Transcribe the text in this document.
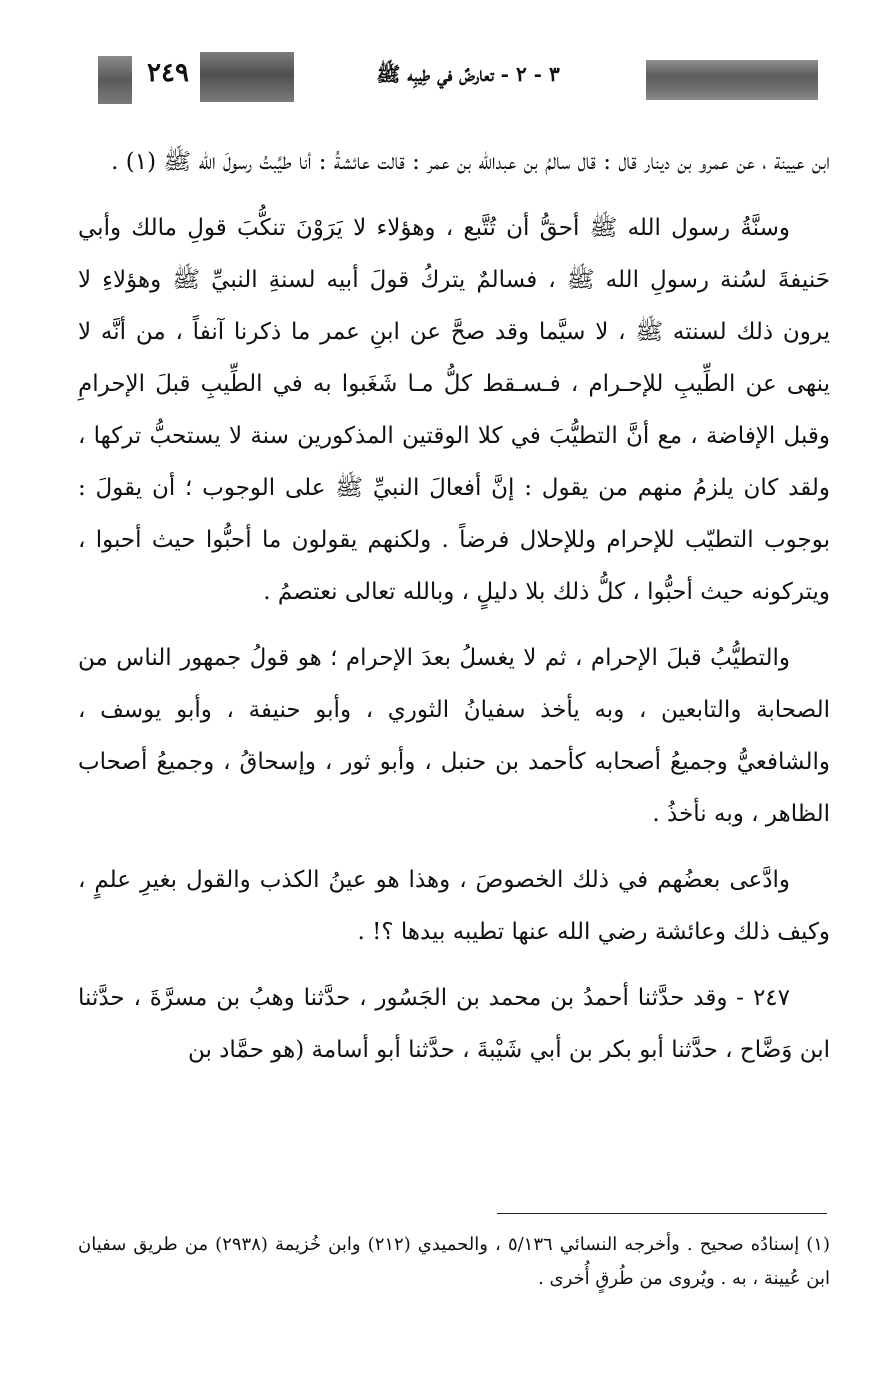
٢٤٩	٣ - ٢ - تعارضٌ في طِيبِه ﷺ

ابن عيينة ، عن عمرو بن دينار قال : قال سالمُ بن عبدالله بن عمر : قالت عائشةُ : أنا طيَّبتُ رسولَ الله ﷺ (١) .

وسنَّةُ رسول الله ﷺ أحقُّ أن تُتَّبع ، وهؤلاء لا يَرَوْنَ تنكُّبَ قولِ مالك وأبي حَنيفةَ لسُنة رسولِ الله ﷺ ، فسالمٌ يتركُ قولَ أبيه لسنةِ النبيِّ ﷺ وهؤلاءِ لا يرون ذلك لسنته ﷺ ، لا سيَّما وقد صحَّ عن ابنِ عمر ما ذكرنا آنفاً ، من أنَّه لا ينهى عن الطِّيبِ للإحـرام ، فـسـقط كلُّ مـا شَغَبوا به في الطِّيبِ قبلَ الإحرامِ وقبل الإفاضة ، مع أنَّ التطيُّبَ في كلا الوقتين المذكورين سنة لا يستحبُّ تركها ، ولقد كان يلزمُ منهم من يقول : إنَّ أفعالَ النبيِّ ﷺ على الوجوب ؛ أن يقولَ : بوجوب التطيّب للإحرام وللإحلال فرضاً . ولكنهم يقولون ما أحبُّوا حيث أحبوا ، ويتركونه حيث أحبُّوا ، كلُّ ذلك بلا دليلٍ ، وبالله تعالى نعتصمُ .

والتطيُّبُ قبلَ الإحرام ، ثم لا يغسلُ بعدَ الإحرام ؛ هو قولُ جمهور الناس من الصحابة والتابعين ، وبه يأخذ سفيانُ الثوري ، وأبو حنيفة ، وأبو يوسف ، والشافعيُّ وجميعُ أصحابه كأحمد بن حنبل ، وأبو ثور ، وإسحاقُ ، وجميعُ أصحاب الظاهر ، وبه نأخذُ .

وادَّعى بعضُهم في ذلك الخصوصَ ، وهذا هو عينُ الكذب والقول بغيرِ علمٍ ، وكيف ذلك وعائشة رضي الله عنها تطيبه بيدها ؟! .

٢٤٧ - وقد حدَّثنا أحمدُ بن محمد بن الجَسُور ، حدَّثنا وهبُ بن مسرَّةَ ، حدَّثنا ابن وَضَّاح ، حدَّثنا أبو بكر بن أبي شَيْبةَ ، حدَّثنا أبو أسامة (هو حمَّاد بن

(١) إسنادُه صحيح . وأخرجه النسائي ٥/١٣٦ ، والحميدي (٢١٢) وابن خُزيمة (٢٩٣٨) من طريق سفيان ابن عُيينة ، به . ويُروى من طُرقٍ أُخرى .
